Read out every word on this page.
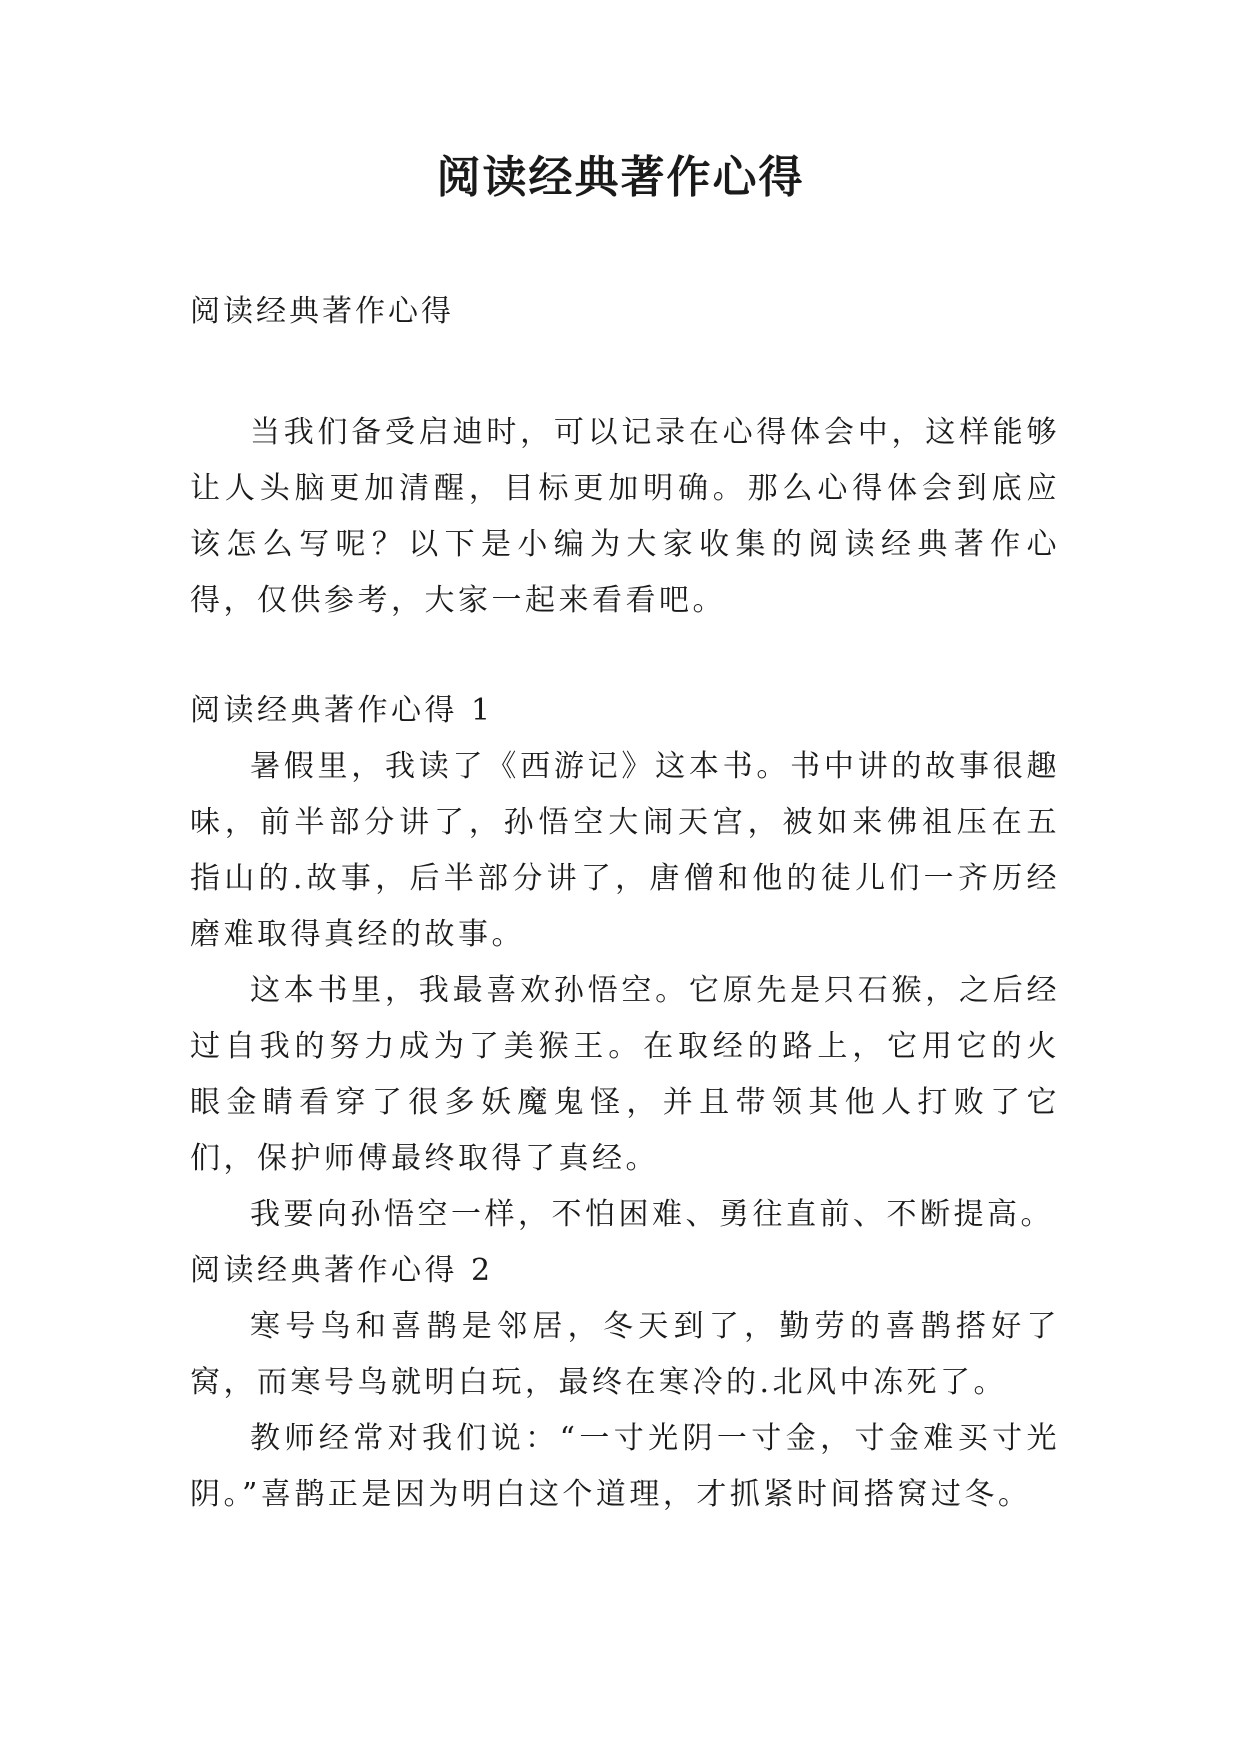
阅读经典著作心得
阅读经典著作心得

当我们备受启迪时，可以记录在心得体会中，这样能够让人头脑更加清醒，目标更加明确。那么心得体会到底应该怎么写呢？以下是小编为大家收集的阅读经典著作心得，仅供参考，大家一起来看看吧。

阅读经典著作心得 1

暑假里，我读了《西游记》这本书。书中讲的故事很趣味，前半部分讲了，孙悟空大闹天宫，被如来佛祖压在五指山的.故事，后半部分讲了，唐僧和他的徒儿们一齐历经磨难取得真经的故事。

这本书里，我最喜欢孙悟空。它原先是只石猴，之后经过自我的努力成为了美猴王。在取经的路上，它用它的火眼金睛看穿了很多妖魔鬼怪，并且带领其他人打败了它们，保护师傅最终取得了真经。

我要向孙悟空一样，不怕困难、勇往直前、不断提高。

阅读经典著作心得 2

寒号鸟和喜鹊是邻居，冬天到了，勤劳的喜鹊搭好了窝，而寒号鸟就明白玩，最终在寒冷的.北风中冻死了。

教师经常对我们说：“一寸光阴一寸金，寸金难买寸光阴。”喜鹊正是因为明白这个道理，才抓紧时间搭窝过冬。
